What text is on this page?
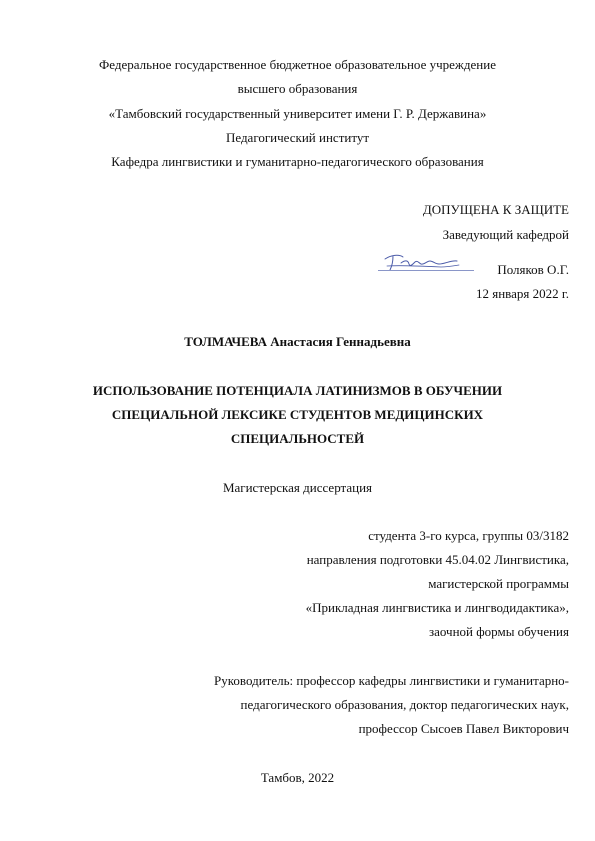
Федеральное государственное бюджетное образовательное учреждение
высшего образования
«Тамбовский государственный университет имени Г. Р. Державина»
Педагогический институт
Кафедра лингвистики и гуманитарно-педагогического образования
ДОПУЩЕНА К ЗАЩИТЕ
Заведующий кафедрой
Поляков О.Г.
12 января 2022 г.
ТОЛМАЧЕВА Анастасия Геннадьевна
ИСПОЛЬЗОВАНИЕ ПОТЕНЦИАЛА ЛАТИНИЗМОВ В ОБУЧЕНИИ
СПЕЦИАЛЬНОЙ ЛЕКСИКЕ СТУДЕНТОВ МЕДИЦИНСКИХ
СПЕЦИАЛЬНОСТЕЙ
Магистерская диссертация
студента 3-го курса, группы 03/3182
направления подготовки 45.04.02 Лингвистика,
магистерской программы
«Прикладная лингвистика и лингводидактика»,
заочной формы обучения
Руководитель: профессор кафедры лингвистики и гуманитарно-
педагогического образования, доктор педагогических наук,
профессор Сысоев Павел Викторович
Тамбов, 2022
